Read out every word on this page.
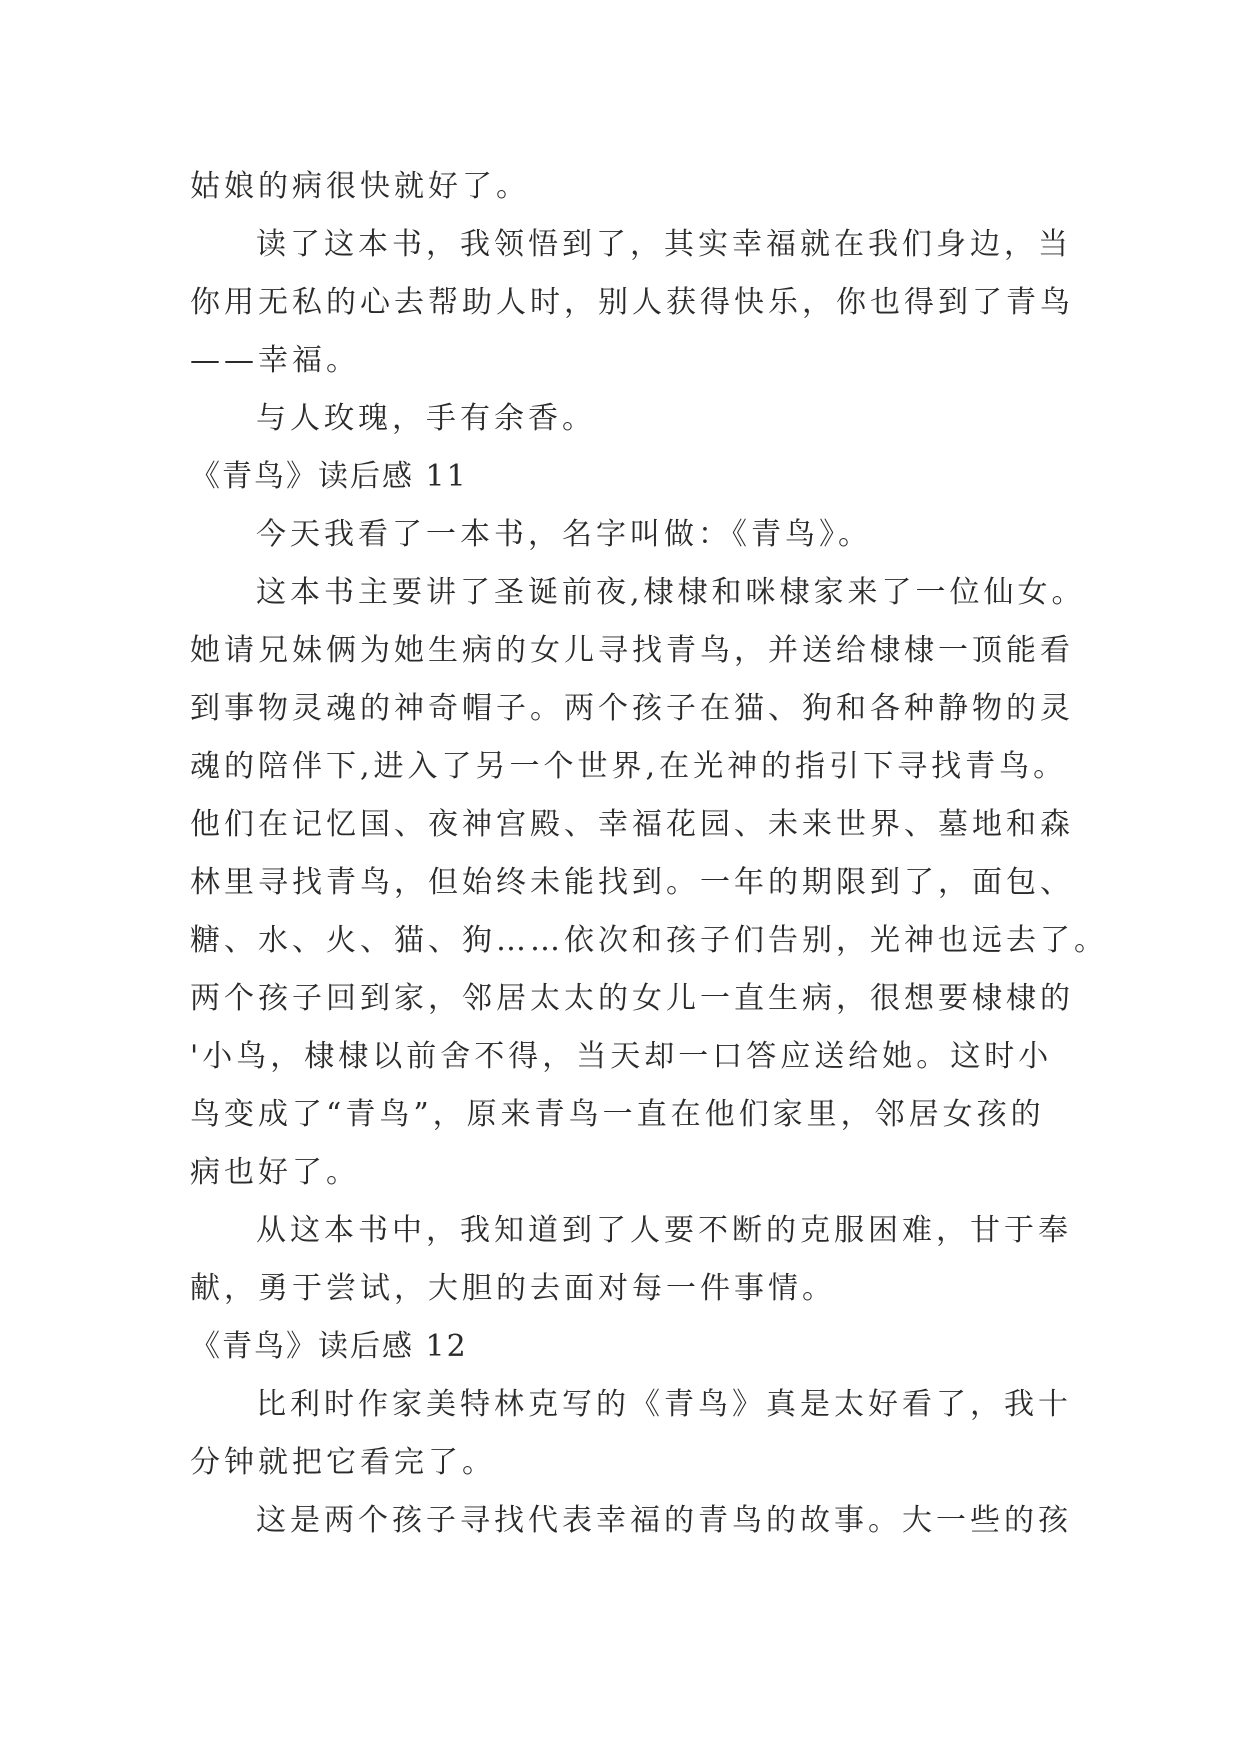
姑娘的病很快就好了。
读了这本书，我领悟到了，其实幸福就在我们身边，当
你用无私的心去帮助人时，别人获得快乐，你也得到了青鸟
——幸福。
与人玫瑰，手有余香。
《青鸟》读后感 11
今天我看了一本书，名字叫做：《青鸟》。
这本书主要讲了圣诞前夜,棣棣和咪棣家来了一位仙女。
她请兄妹俩为她生病的女儿寻找青鸟，并送给棣棣一顶能看
到事物灵魂的神奇帽子。两个孩子在猫、狗和各种静物的灵
魂的陪伴下,进入了另一个世界,在光神的指引下寻找青鸟。
他们在记忆国、夜神宫殿、幸福花园、未来世界、墓地和森
林里寻找青鸟，但始终未能找到。一年的期限到了，面包、
糖、水、火、猫、狗……依次和孩子们告别，光神也远去了。
两个孩子回到家，邻居太太的女儿一直生病，很想要棣棣的
'小鸟，棣棣以前舍不得，当天却一口答应送给她。这时小
鸟变成了“青鸟”，原来青鸟一直在他们家里，邻居女孩的
病也好了。
从这本书中，我知道到了人要不断的克服困难，甘于奉
献，勇于尝试，大胆的去面对每一件事情。
《青鸟》读后感 12
比利时作家美特林克写的《青鸟》真是太好看了，我十
分钟就把它看完了。
这是两个孩子寻找代表幸福的青鸟的故事。大一些的孩
